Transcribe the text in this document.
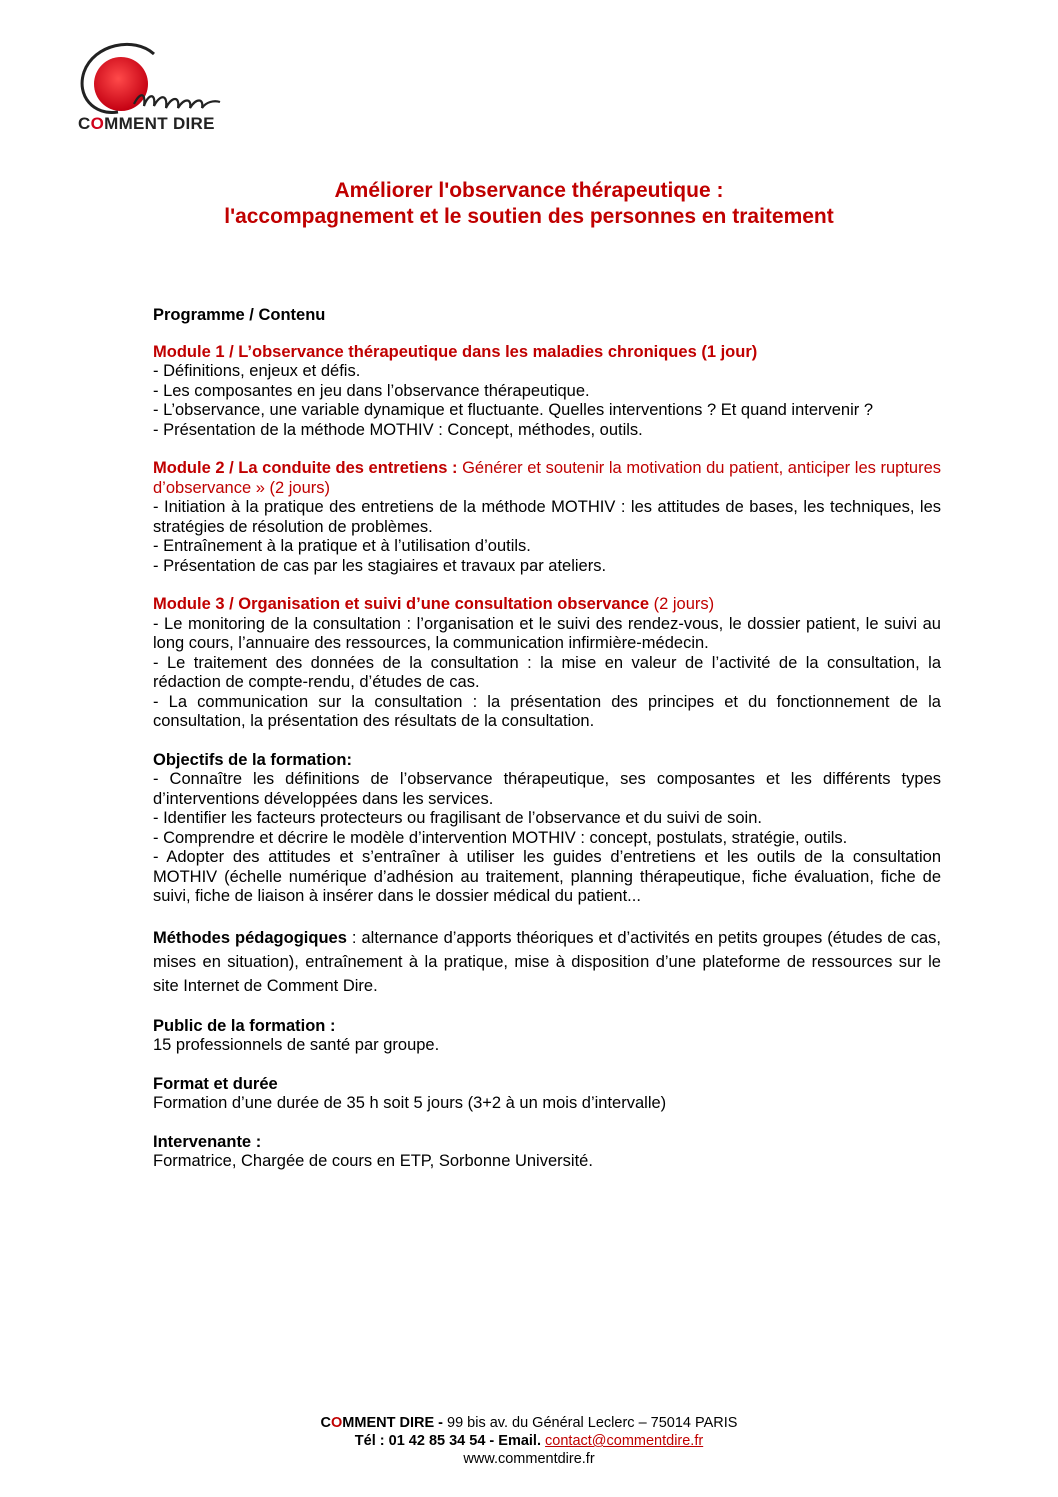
COMMENT DIRE
Améliorer l'observance thérapeutique :
l'accompagnement et le soutien des personnes en traitement

Programme / Contenu

Module 1 / L’observance thérapeutique dans les maladies chroniques (1 jour)

- Définitions, enjeux et défis.

- Les composantes en jeu dans l’observance thérapeutique.

- L’observance, une variable dynamique et fluctuante. Quelles interventions ? Et quand intervenir ?

- Présentation de la méthode MOTHIV : Concept, méthodes, outils.

Module 2 / La conduite des entretiens : Générer et soutenir la motivation du patient, anticiper les ruptures d’observance » (2 jours)

- Initiation à la pratique des entretiens de la méthode MOTHIV : les attitudes de bases, les techniques, les stratégies de résolution de problèmes.

- Entraînement à la pratique et à l’utilisation d’outils.

- Présentation de cas par les stagiaires et travaux par ateliers.

Module 3 / Organisation et suivi d’une consultation observance (2 jours)

- Le monitoring de la consultation : l’organisation et le suivi des rendez-vous, le dossier patient, le suivi au long cours, l’annuaire des ressources, la communication infirmière-médecin.

- Le traitement des données de la consultation : la mise en valeur de l’activité de la consultation, la rédaction de compte-rendu, d’études de cas.

- La communication sur la consultation : la présentation des principes et du fonctionnement de la consultation, la présentation des résultats de la consultation.

Objectifs de la formation:

- Connaître les définitions de l’observance thérapeutique, ses composantes et les différents types d’interventions développées dans les services.

- Identifier les facteurs protecteurs ou fragilisant de l’observance et du suivi de soin.

- Comprendre et décrire le modèle d’intervention MOTHIV : concept, postulats, stratégie, outils.

- Adopter des attitudes et s’entraîner à utiliser les guides d’entretiens et les outils de la consultation MOTHIV (échelle numérique d’adhésion au traitement, planning thérapeutique, fiche évaluation, fiche de suivi, fiche de liaison à insérer dans le dossier médical du patient...

Méthodes pédagogiques : alternance d’apports théoriques et d’activités en petits groupes (études de cas, mises en situation), entraînement à la pratique, mise à disposition d’une plateforme de ressources sur le site Internet de Comment Dire.

Public de la formation :

15 professionnels de santé par groupe.

Format et durée

Formation d’une durée de 35 h soit 5 jours (3+2 à un mois d’intervalle)

Intervenante :

Formatrice, Chargée de cours en ETP, Sorbonne Université.

COMMENT DIRE - 99 bis av. du Général Leclerc – 75014 PARIS
Tél : 01 42 85 34 54 - Email. contact@commentdire.fr
www.commentdire.fr
